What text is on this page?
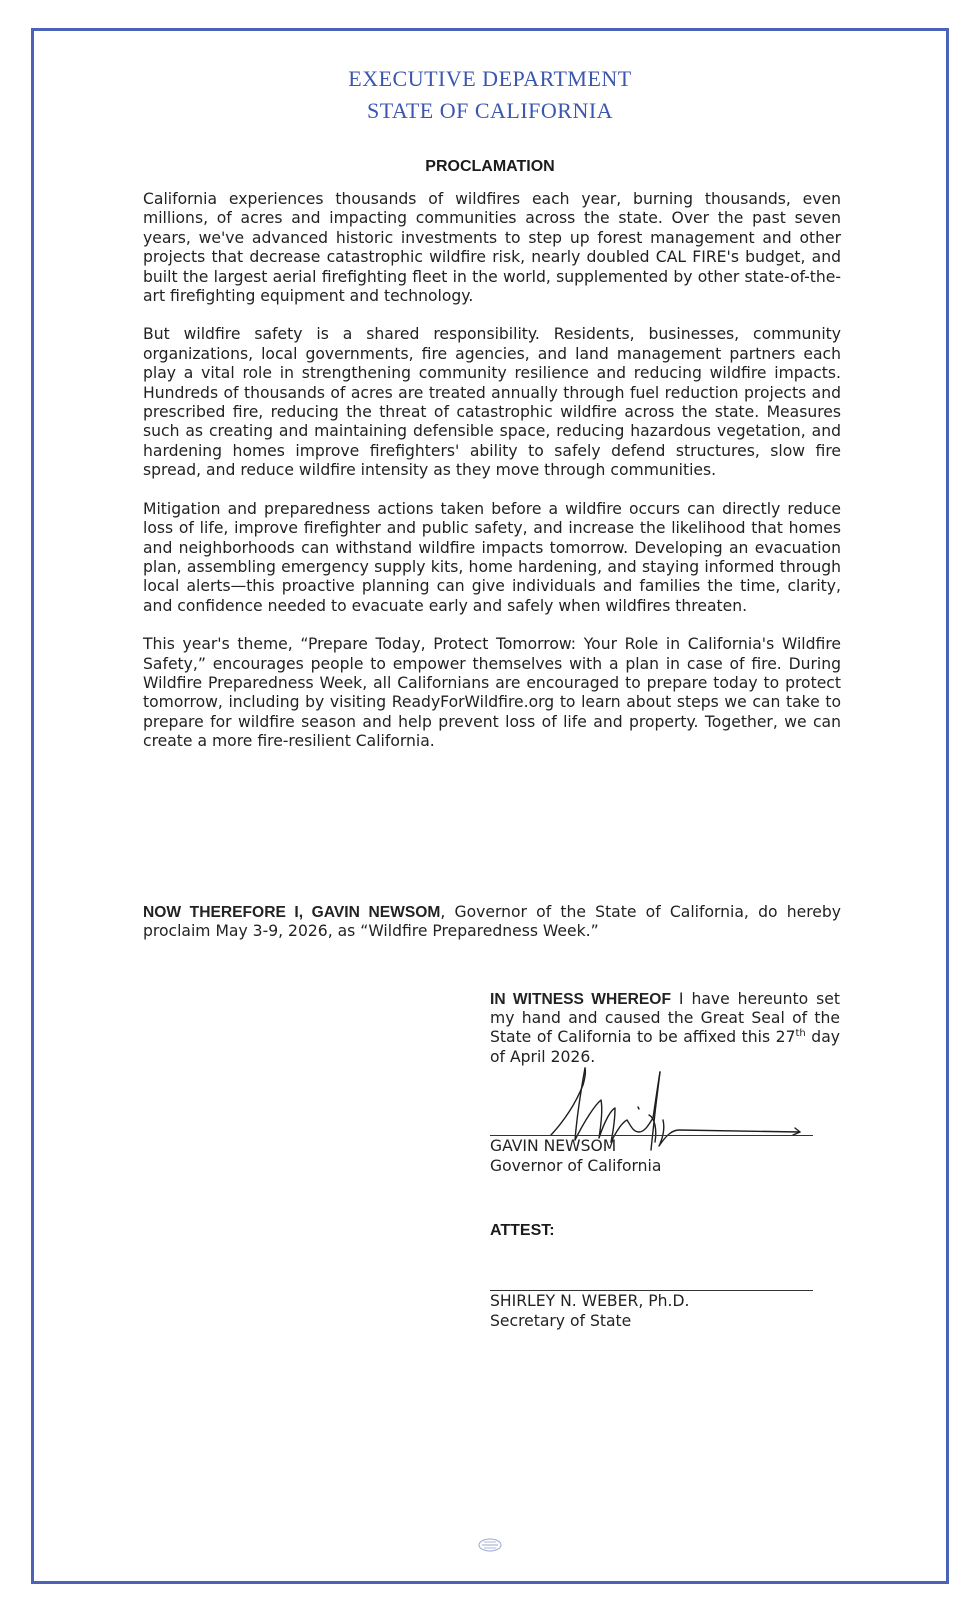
EXECUTIVE DEPARTMENT
STATE OF CALIFORNIA
PROCLAMATION

California experiences thousands of wildfires each year, burning thousands, even millions, of acres and impacting communities across the state. Over the past seven years, we've advanced historic investments to step up forest management and other projects that decrease catastrophic wildfire risk, nearly doubled CAL FIRE's budget, and built the largest aerial firefighting fleet in the world, supplemented by other state-of-the-art firefighting equipment and technology.

But wildfire safety is a shared responsibility. Residents, businesses, community organizations, local governments, fire agencies, and land management partners each play a vital role in strengthening community resilience and reducing wildfire impacts. Hundreds of thousands of acres are treated annually through fuel reduction projects and prescribed fire, reducing the threat of catastrophic wildfire across the state. Measures such as creating and maintaining defensible space, reducing hazardous vegetation, and hardening homes improve firefighters' ability to safely defend structures, slow fire spread, and reduce wildfire intensity as they move through communities.

Mitigation and preparedness actions taken before a wildfire occurs can directly reduce loss of life, improve firefighter and public safety, and increase the likelihood that homes and neighborhoods can withstand wildfire impacts tomorrow. Developing an evacuation plan, assembling emergency supply kits, home hardening, and staying informed through local alerts—this proactive planning can give individuals and families the time, clarity, and confidence needed to evacuate early and safely when wildfires threaten.

This year's theme, “Prepare Today, Protect Tomorrow: Your Role in California's Wildfire Safety,” encourages people to empower themselves with a plan in case of fire. During Wildfire Preparedness Week, all Californians are encouraged to prepare today to protect tomorrow, including by visiting ReadyForWildfire.org to learn about steps we can take to prepare for wildfire season and help prevent loss of life and property. Together, we can create a more fire-resilient California.

NOW THEREFORE I, GAVIN NEWSOM, Governor of the State of California, do hereby proclaim May 3-9, 2026, as “Wildfire Preparedness Week.”
IN WITNESS WHEREOF I have hereunto set my hand and caused the Great Seal of the State of California to be affixed this 27th day of April 2026.
GAVIN NEWSOM
Governor of California
ATTEST:
SHIRLEY N. WEBER, Ph.D.
Secretary of State
